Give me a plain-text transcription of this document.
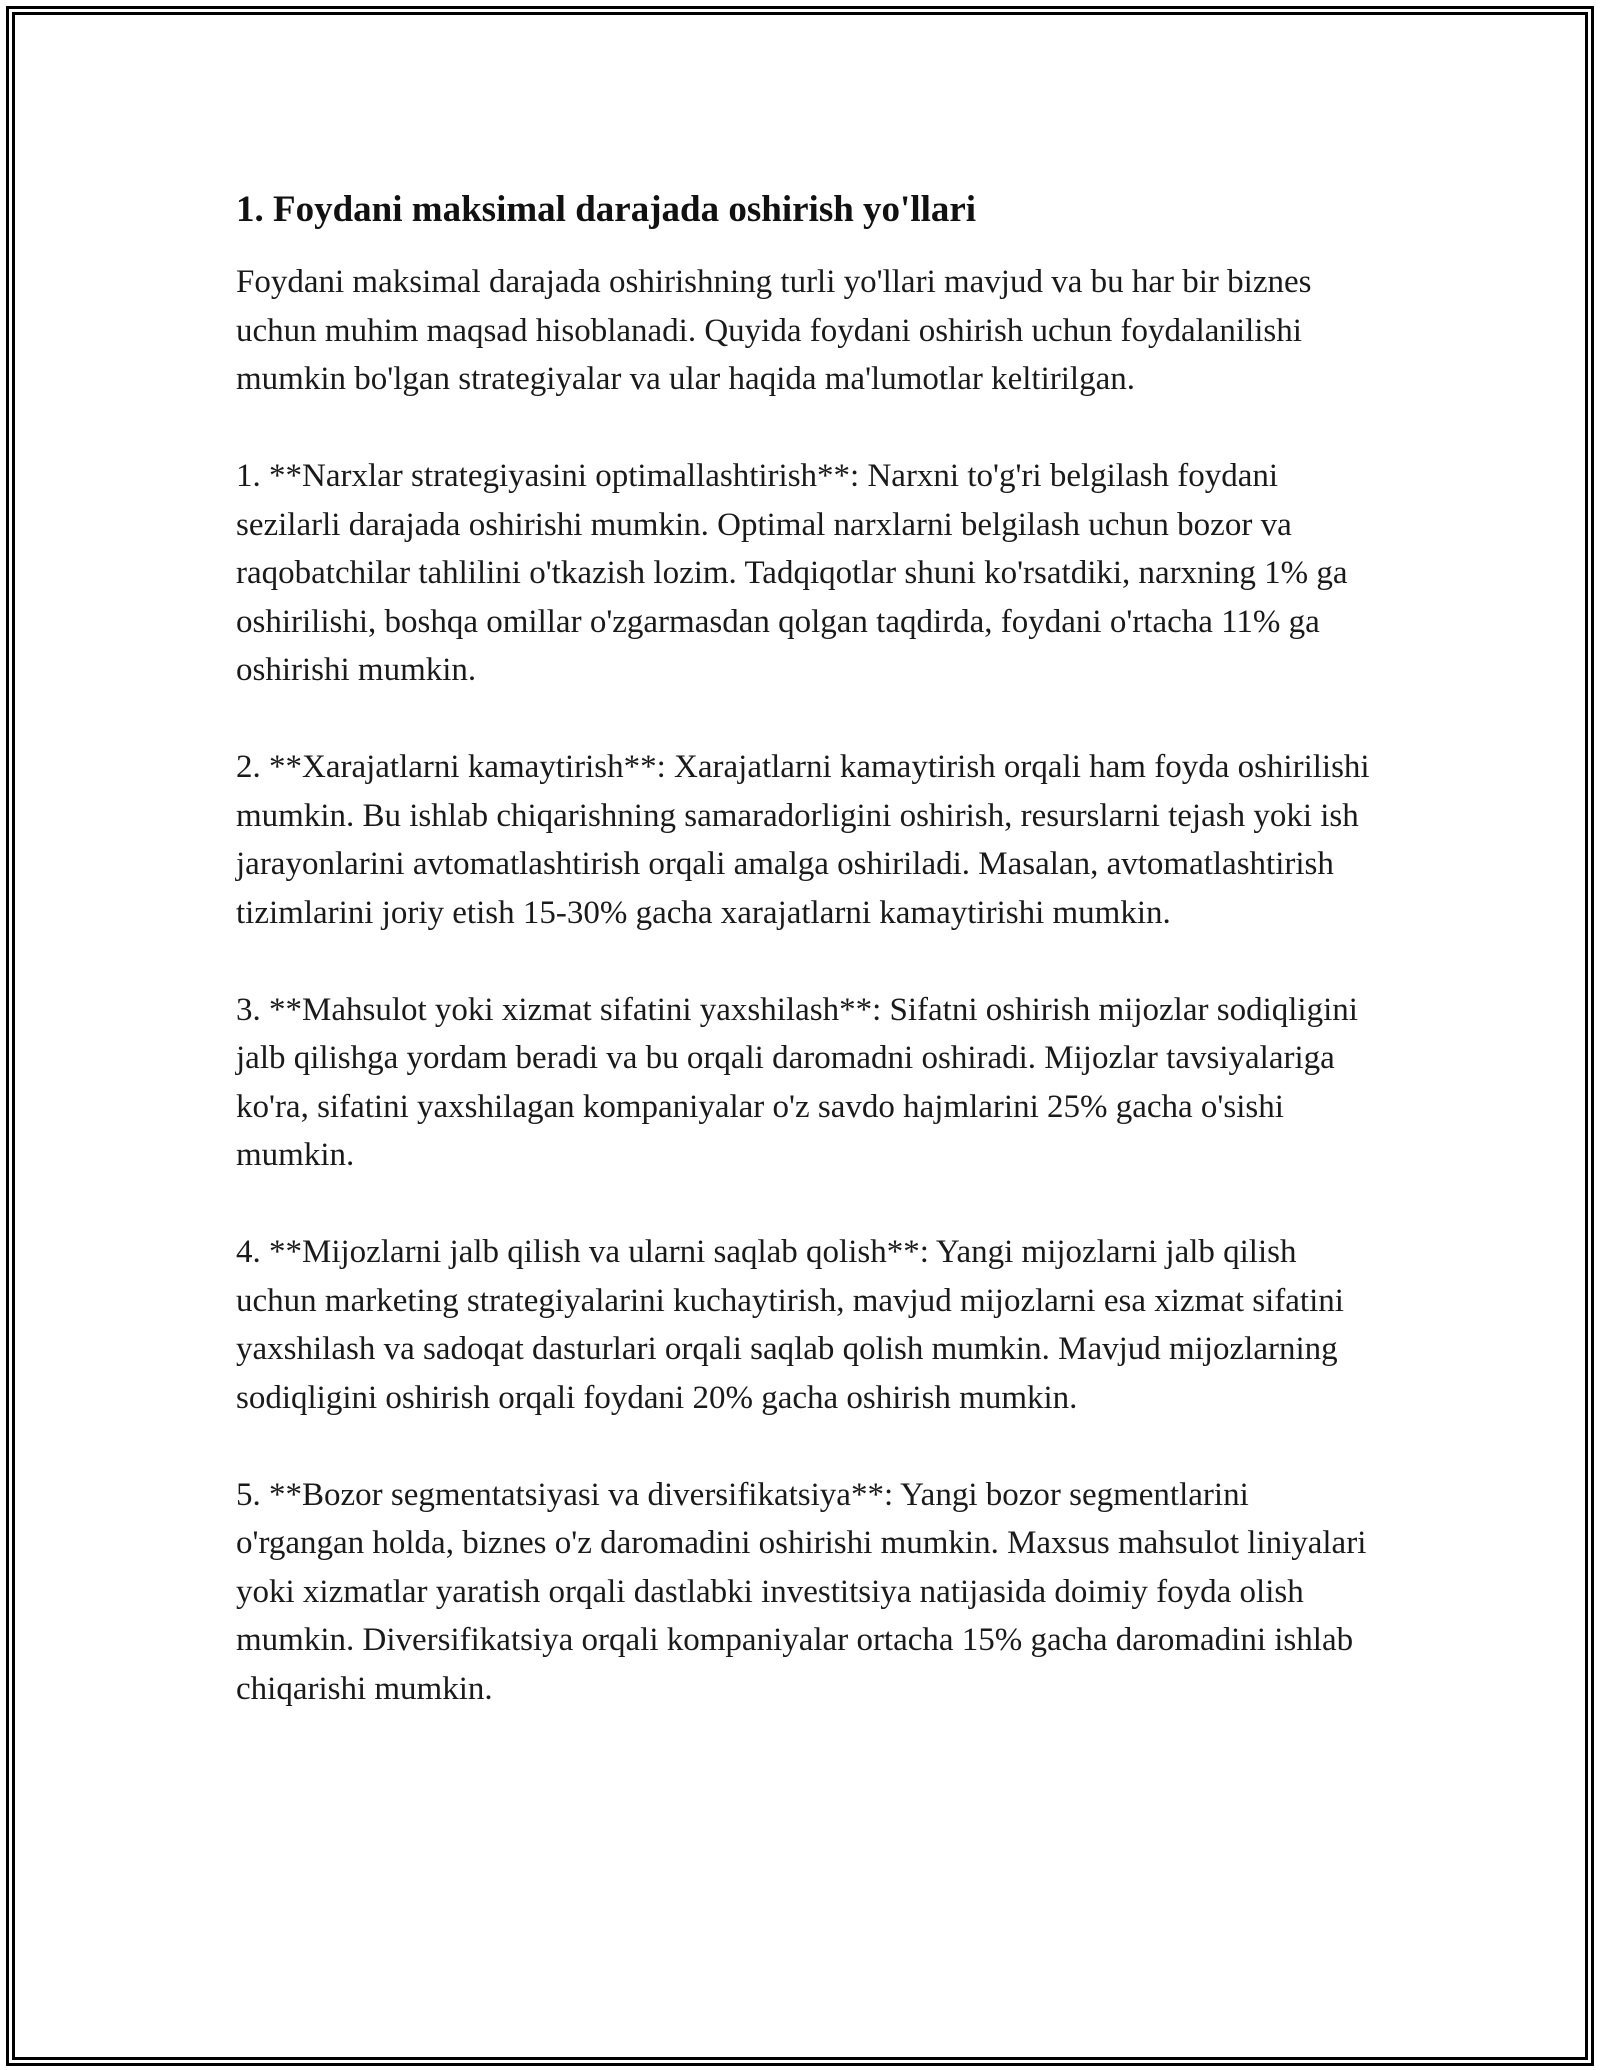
1. Foydani maksimal darajada oshirish yo'llari

Foydani maksimal darajada oshirishning turli yo'llari mavjud va bu har bir biznes uchun muhim maqsad hisoblanadi. Quyida foydani oshirish uchun foydalanilishi mumkin bo'lgan strategiyalar va ular haqida ma'lumotlar keltirilgan.

1. **Narxlar strategiyasini optimallashtirish**: Narxni to'g'ri belgilash foydani sezilarli darajada oshirishi mumkin. Optimal narxlarni belgilash uchun bozor va raqobatchilar tahlilini o'tkazish lozim. Tadqiqotlar shuni ko'rsatdiki, narxning 1% ga oshirilishi, boshqa omillar o'zgarmasdan qolgan taqdirda, foydani o'rtacha 11% ga oshirishi mumkin.

2. **Xarajatlarni kamaytirish**: Xarajatlarni kamaytirish orqali ham foyda oshirilishi mumkin. Bu ishlab chiqarishning samaradorligini oshirish, resurslarni tejash yoki ish jarayonlarini avtomatlashtirish orqali amalga oshiriladi. Masalan, avtomatlashtirish tizimlarini joriy etish 15-30% gacha xarajatlarni kamaytirishi mumkin.

3. **Mahsulot yoki xizmat sifatini yaxshilash**: Sifatni oshirish mijozlar sodiqligini jalb qilishga yordam beradi va bu orqali daromadni oshiradi. Mijozlar tavsiyalariga ko'ra, sifatini yaxshilagan kompaniyalar o'z savdo hajmlarini 25% gacha o'sishi mumkin.

4. **Mijozlarni jalb qilish va ularni saqlab qolish**: Yangi mijozlarni jalb qilish uchun marketing strategiyalarini kuchaytirish, mavjud mijozlarni esa xizmat sifatini yaxshilash va sadoqat dasturlari orqali saqlab qolish mumkin. Mavjud mijozlarning sodiqligini oshirish orqali foydani 20% gacha oshirish mumkin.

5. **Bozor segmentatsiyasi va diversifikatsiya**: Yangi bozor segmentlarini o'rgangan holda, biznes o'z daromadini oshirishi mumkin. Maxsus mahsulot liniyalari yoki xizmatlar yaratish orqali dastlabki investitsiya natijasida doimiy foyda olish mumkin. Diversifikatsiya orqali kompaniyalar ortacha 15% gacha daromadini ishlab chiqarishi mumkin.
